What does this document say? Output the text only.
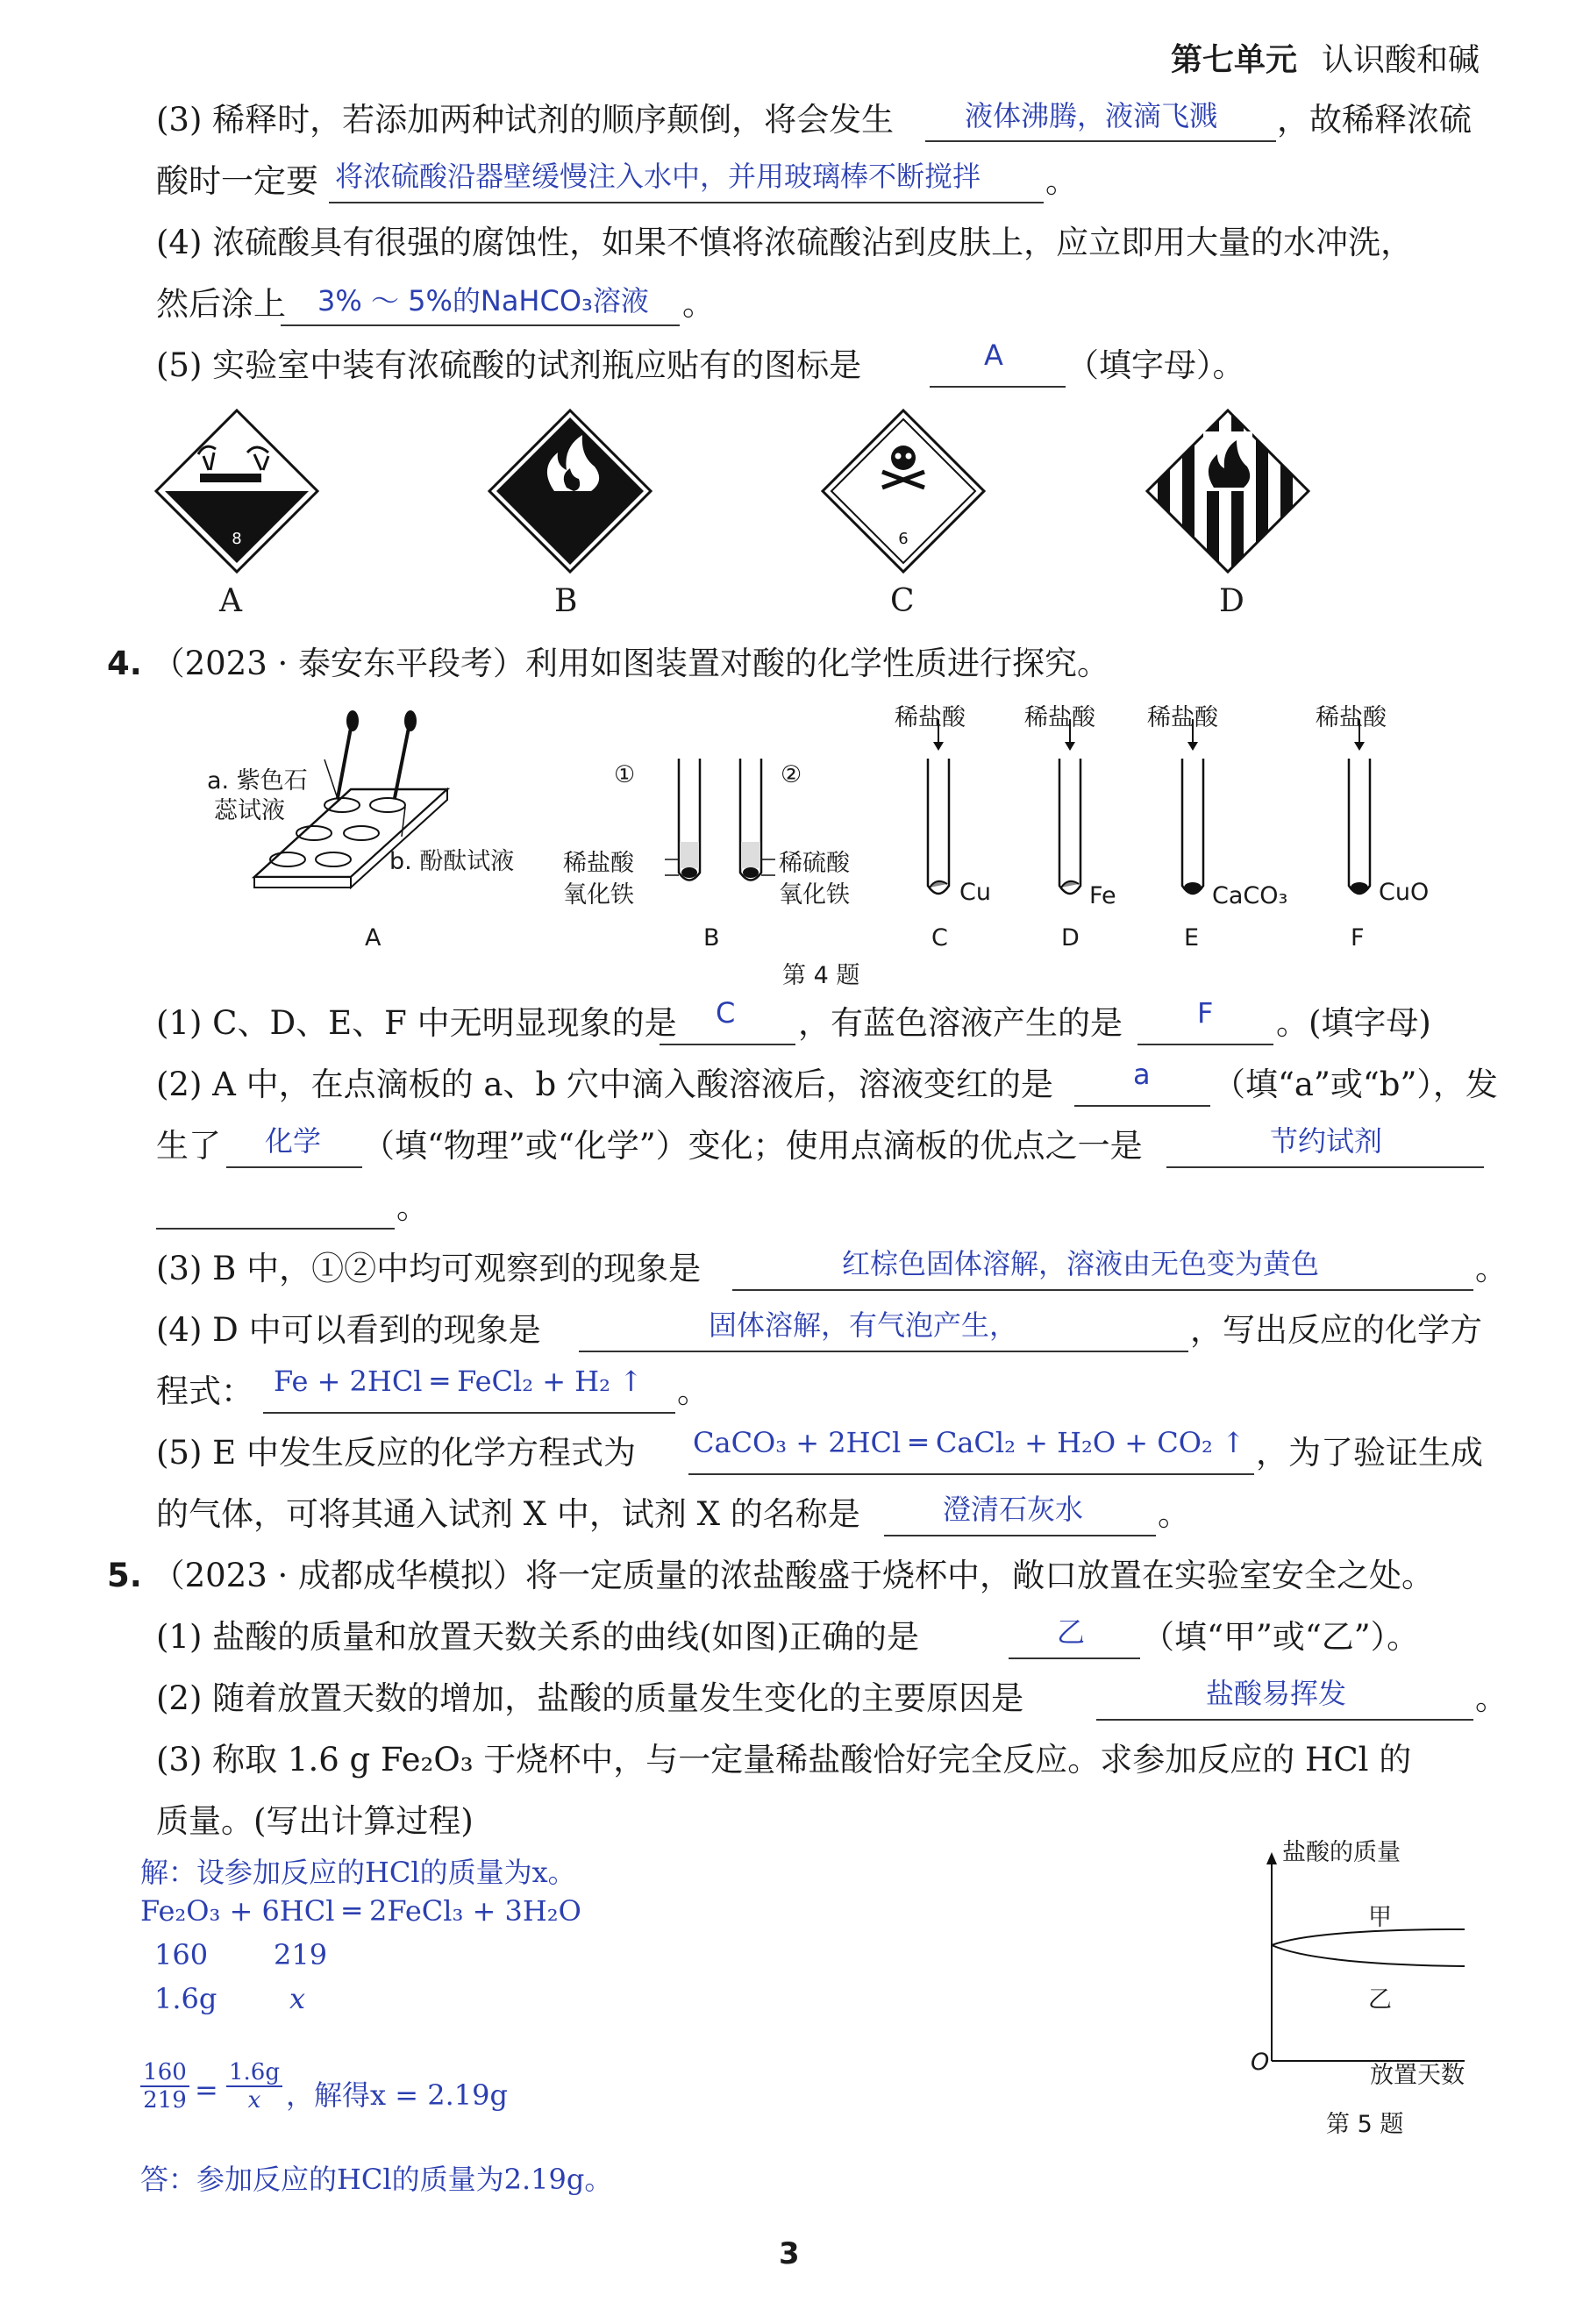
第七单元 认识酸和碱
(3) 稀释时，若添加两种试剂的顺序颠倒，将会发生	液体沸腾，液滴飞溅 ，故稀释浓硫
酸时一定要 将浓硫酸沿器壁缓慢注入水中，并用玻璃棒不断搅拌 。
(4) 浓硫酸具有很强的腐蚀性，如果不慎将浓硫酸沾到皮肤上，应立即用大量的水冲洗，
然后涂上 3% ～ 5%的NaHCO₃溶液 。
(5) 实验室中装有浓硫酸的试剂瓶应贴有的图标是	A （填字母）。
8	6
A	B	C	D
4. （2023 · 泰安东平段考）利用如图装置对酸的化学性质进行探究。
a. 紫色石
蕊试液
b. 酚酞试液
①	②
稀盐酸
氧化铁
稀硫酸
氧化铁
稀盐酸 稀盐酸 稀盐酸	稀盐酸
Cu	Fe	CaCO₃	CuO
A	B	C	D	E	F
第 4 题
(1) C、D、E、F 中无明显现象的是 C ，有蓝色溶液产生的是	F 。(填字母)
(2) A 中，在点滴板的 a、b 穴中滴入酸溶液后，溶液变红的是	a （填“a”或“b”），发
生了 化学 （填“物理”或“化学”）变化；使用点滴板的优点之一是	节约试剂
。
(3) B 中，①②中均可观察到的现象是	红棕色固体溶解，溶液由无色变为黄色	。
(4) D 中可以看到的现象是	固体溶解，有气泡产生，	，写出反应的化学方
程式： Fe + 2HCl ═ FeCl₂ + H₂ ↑ 。
(5) E 中发生反应的化学方程式为 CaCO₃ + 2HCl ═ CaCl₂ + H₂O + CO₂ ↑ ，为了验证生成
的气体，可将其通入试剂 X 中，试剂 X 的名称是	澄清石灰水 。
5. （2023 · 成都成华模拟）将一定质量的浓盐酸盛于烧杯中，敞口放置在实验室安全之处。
(1) 盐酸的质量和放置天数关系的曲线(如图)正确的是	乙 （填“甲”或“乙”）。
(2) 随着放置天数的增加，盐酸的质量发生变化的主要原因是	盐酸易挥发	。
(3) 称取 1.6 g Fe₂O₃ 于烧杯中，与一定量稀盐酸恰好完全反应。求参加反应的 HCl 的
质量。(写出计算过程)
解：设参加反应的HCl的质量为x。
Fe₂O₃ + 6HCl ═ 2FeCl₃ + 3H₂O
160 219
1.6g	x
$\frac{160}{219} = \frac{1.6g}{x}$ ，解得x = 2.19g
答：参加反应的HCl的质量为2.19g。
盐酸的质量
甲
乙
O	放置天数
第 5 题
3
